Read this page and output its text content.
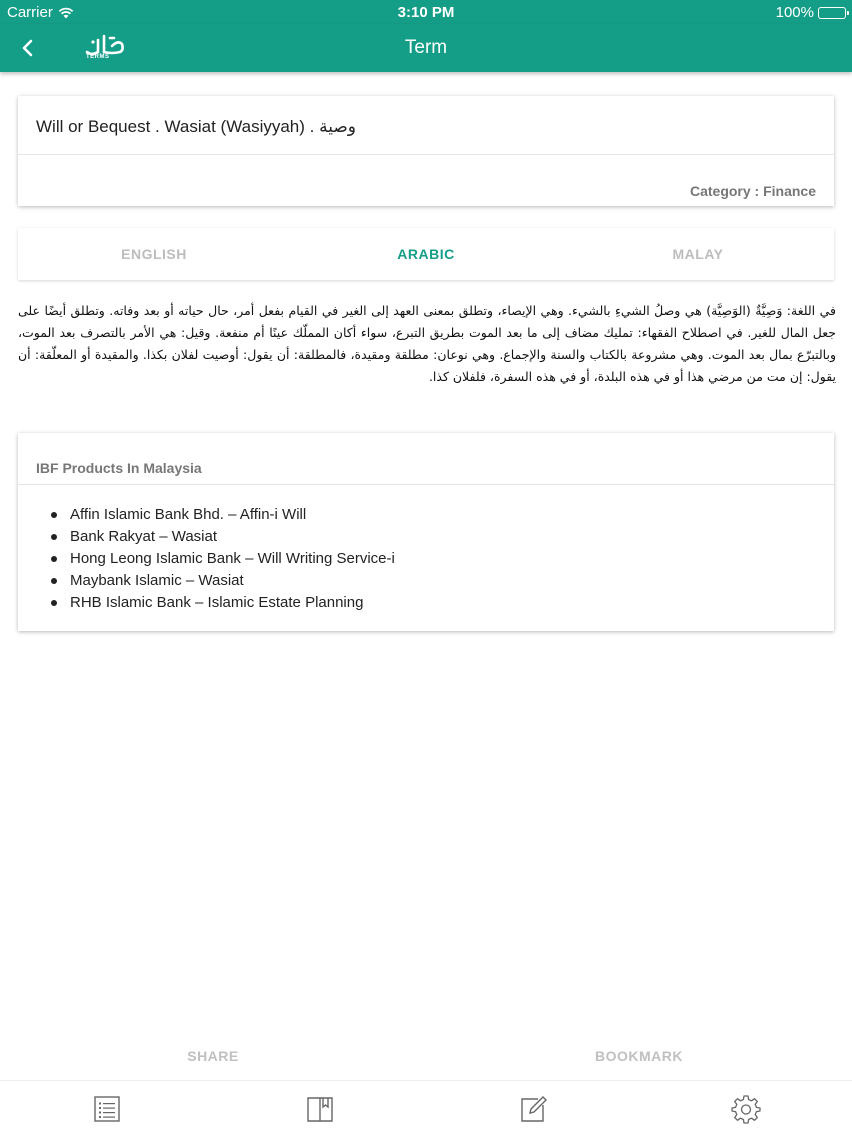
Carrier	3:10 PM	100%
TERMS	Term
Will or Bequest . Wasiat (Wasiyyah) . وصية
Category : Finance
ENGLISH	ARABIC	MALAY
في اللغة: وَصِيَّةٌ (الوَصِيَّة) هي وصلُ الشيءِ بالشيء. وهي الإيصاء، وتطلق بمعنى العهد إلى الغير في القيام بفعل أمر، حال حياته أو بعد وفاته. وتطلق أيضًا على جعل المال للغير. في اصطلاح الفقهاء: تمليك مضاف إلى ما بعد الموت بطريق التبرع، سواء أكان المملّك عينًا أم منفعة. وقيل: هي الأمر بالتصرف بعد الموت، وبالتبرّع بمال بعد الموت. وهي مشروعة بالكتاب والسنة والإجماع. وهي نوعان: مطلقة ومقيدة، فالمطلقة: أن يقول: أوصيت لفلان بكذا. والمقيدة أو المعلّقة: أن يقول: إن مت من مرضي هذا أو في هذه البلدة، أو في هذه السفرة، فلفلان كذا.
IBF Products In Malaysia
Affin Islamic Bank Bhd. – Affin-i Will
Bank Rakyat – Wasiat
Hong Leong Islamic Bank – Will Writing Service-i
Maybank Islamic – Wasiat
RHB Islamic Bank – Islamic Estate Planning
SHARE	BOOKMARK
